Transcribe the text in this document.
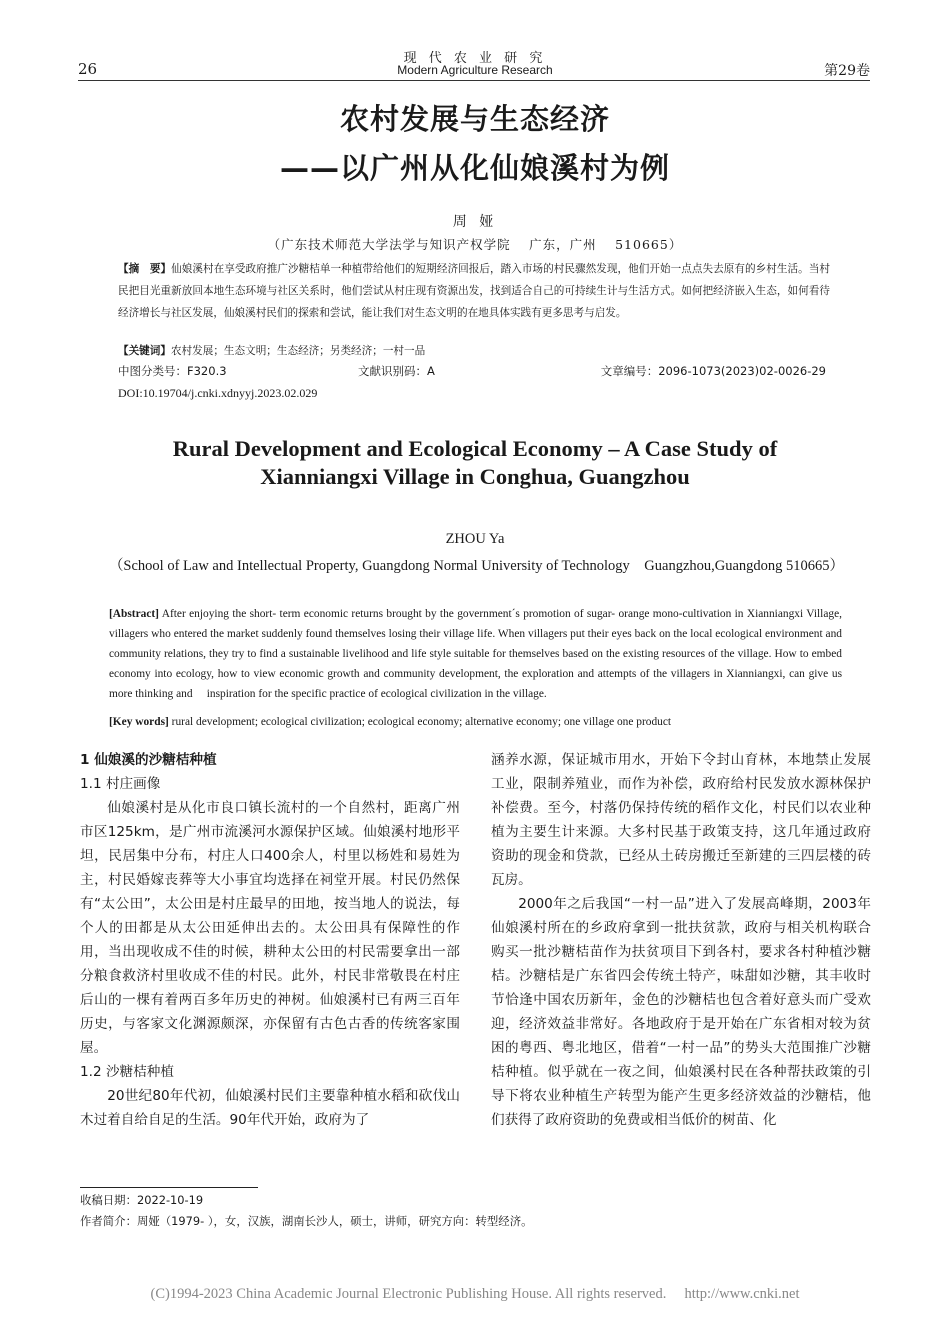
26
现 代 农 业 研 究
Modern Agriculture Research	第29卷
农村发展与生态经济
——以广州从化仙娘溪村为例
周 娅
（广东技术师范大学法学与知识产权学院　 广东，广州　 510665）
【摘　要】仙娘溪村在享受政府推广沙糖桔单一种植带给他们的短期经济回报后，踏入市场的村民骤然发现，他们开始一点点失去原有的乡村生活。当村民把目光重新放回本地生态环境与社区关系时，他们尝试从村庄现有资源出发，找到适合自己的可持续生计与生活方式。如何把经济嵌入生态，如何看待经济增长与社区发展，仙娘溪村民们的探索和尝试，能让我们对生态文明的在地具体实践有更多思考与启发。
【关键词】农村发展；生态文明；生态经济；另类经济；一村一品
中图分类号：F320.3	文献识别码：A	文章编号：2096-1073(2023)02-0026-29
DOI:10.19704/j.cnki.xdnyyj.2023.02.029
Rural Development and Ecological Economy – A Case Study of
Xianniangxi Village in Conghua, Guangzhou
ZHOU Ya
（School of Law and Intellectual Property, Guangdong Normal University of Technology　Guangzhou,Guangdong 510665）
[Abstract] After enjoying the short- term economic returns brought by the government´s promotion of sugar- orange mono-cultivation in Xianniangxi Village, villagers who entered the market suddenly found themselves losing their village life. When villagers put their eyes back on the local ecological environment and community relations, they try to find a sustainable livelihood and life style suitable for themselves based on the existing resources of the village. How to embed economy into ecology, how to view economic growth and community development, the exploration and attempts of the villagers in Xianniangxi, can give us more thinking and　 inspiration for the specific practice of ecological civilization in the village.
[Key words] rural development; ecological civilization; ecological economy; alternative economy; one village one product
1 仙娘溪的沙糖桔种植
1.1 村庄画像

仙娘溪村是从化市良口镇长流村的一个自然村，距离广州市区125km，是广州市流溪河水源保护区域。仙娘溪村地形平坦，民居集中分布，村庄人口400余人，村里以杨姓和易姓为主，村民婚嫁丧葬等大小事宜均选择在祠堂开展。村民仍然保有“太公田”，太公田是村庄最早的田地，按当地人的说法，每个人的田都是从太公田延伸出去的。太公田具有保障性的作用，当出现收成不佳的时候，耕种太公田的村民需要拿出一部分粮食救济村里收成不佳的村民。此外，村民非常敬畏在村庄后山的一棵有着两百多年历史的神树。仙娘溪村已有两三百年历史，与客家文化渊源颇深，亦保留有古色古香的传统客家围屋。

1.2 沙糖桔种植

20世纪80年代初，仙娘溪村民们主要靠种植水稻和砍伐山木过着自给自足的生活。90年代开始，政府为了

涵养水源，保证城市用水，开始下令封山育林，本地禁止发展工业，限制养殖业，而作为补偿，政府给村民发放水源林保护补偿费。至今，村落仍保持传统的稻作文化，村民们以农业种植为主要生计来源。大多村民基于政策支持，这几年通过政府资助的现金和贷款，已经从土砖房搬迁至新建的三四层楼的砖瓦房。

2000年之后我国“一村一品”进入了发展高峰期，2003年仙娘溪村所在的乡政府拿到一批扶贫款，政府与相关机构联合购买一批沙糖桔苗作为扶贫项目下到各村，要求各村种植沙糖桔。沙糖桔是广东省四会传统土特产，味甜如沙糖，其丰收时节恰逢中国农历新年，金色的沙糖桔也包含着好意头而广受欢迎，经济效益非常好。各地政府于是开始在广东省相对较为贫困的粤西、粤北地区，借着“一村一品”的势头大范围推广沙糖桔种植。似乎就在一夜之间，仙娘溪村民在各种帮扶政策的引导下将农业种植生产转型为能产生更多经济效益的沙糖桔，他们获得了政府资助的免费或相当低价的树苗、化

收稿日期：2022-10-19
作者简介：周娅（1979- ），女，汉族，湖南长沙人，硕士，讲师，研究方向：转型经济。
(C)1994-2023 China Academic Journal Electronic Publishing House. All rights reserved.　 http://www.cnki.net
